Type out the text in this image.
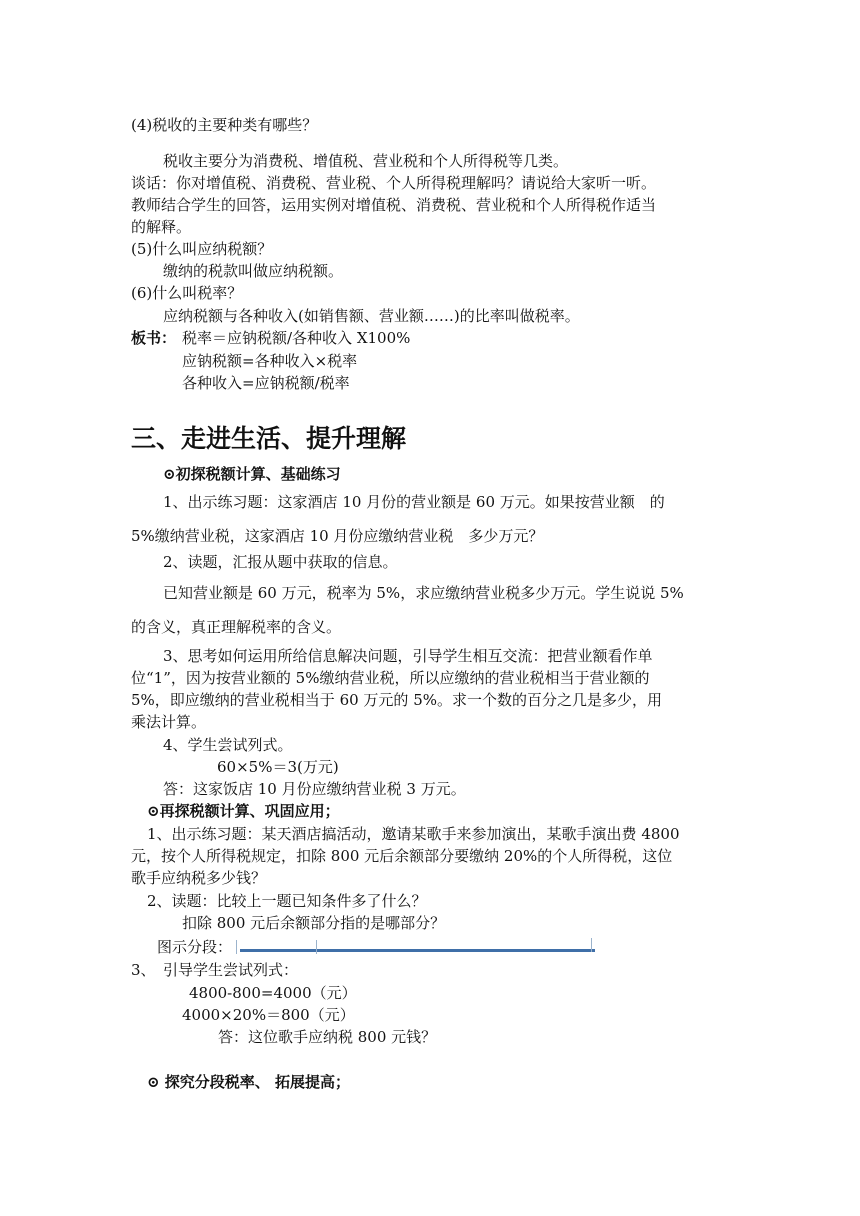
(4)税收的主要种类有哪些？
税收主要分为消费税、增值税、营业税和个人所得税等几类。
谈话：你对增值税、消费税、营业税、个人所得税理解吗？请说给大家听一听。
教师结合学生的回答，运用实例对增值税、消费税、营业税和个人所得税作适当
的解释。
(5)什么叫应纳税额？
缴纳的税款叫做应纳税额。
(6)什么叫税率？
应纳税额与各种收入(如销售额、营业额……)的比率叫做税率。
板书： 税率＝应钠税额/各种收入 X100%
应钠税额=各种收入×税率
各种收入=应钠税额/税率
三、走进生活、提升理解
⊙初探税额计算、基础练习
1、出示练习题：这家酒店 10 月份的营业额是 60 万元。如果按营业额　的
5%缴纳营业税，这家酒店 10 月份应缴纳营业税　多少万元？
2、读题，汇报从题中获取的信息。
已知营业额是 60 万元，税率为 5%，求应缴纳营业税多少万元。学生说说 5%
的含义，真正理解税率的含义。
3、思考如何运用所给信息解决问题，引导学生相互交流：把营业额看作单
位“1”，因为按营业额的 5%缴纳营业税，所以应缴纳的营业税相当于营业额的
5%，即应缴纳的营业税相当于 60 万元的 5%。求一个数的百分之几是多少，用
乘法计算。
4、学生尝试列式。
60×5%＝3(万元)
答：这家饭店 10 月份应缴纳营业税 3 万元。
⊙再探税额计算、巩固应用；
1、出示练习题：某天酒店搞活动，邀请某歌手来参加演出，某歌手演出费 4800
元，按个人所得税规定，扣除 800 元后余额部分要缴纳 20%的个人所得税，这位
歌手应纳税多少钱？
2、读题：比较上一题已知条件多了什么？
扣除 800 元后余额部分指的是哪部分？
图示分段：
3、　引导学生尝试列式：
4800-800=4000（元）
4000×20%＝800（元）
答：这位歌手应纳税 800 元钱？
⊙ 探究分段税率、 拓展提高；
